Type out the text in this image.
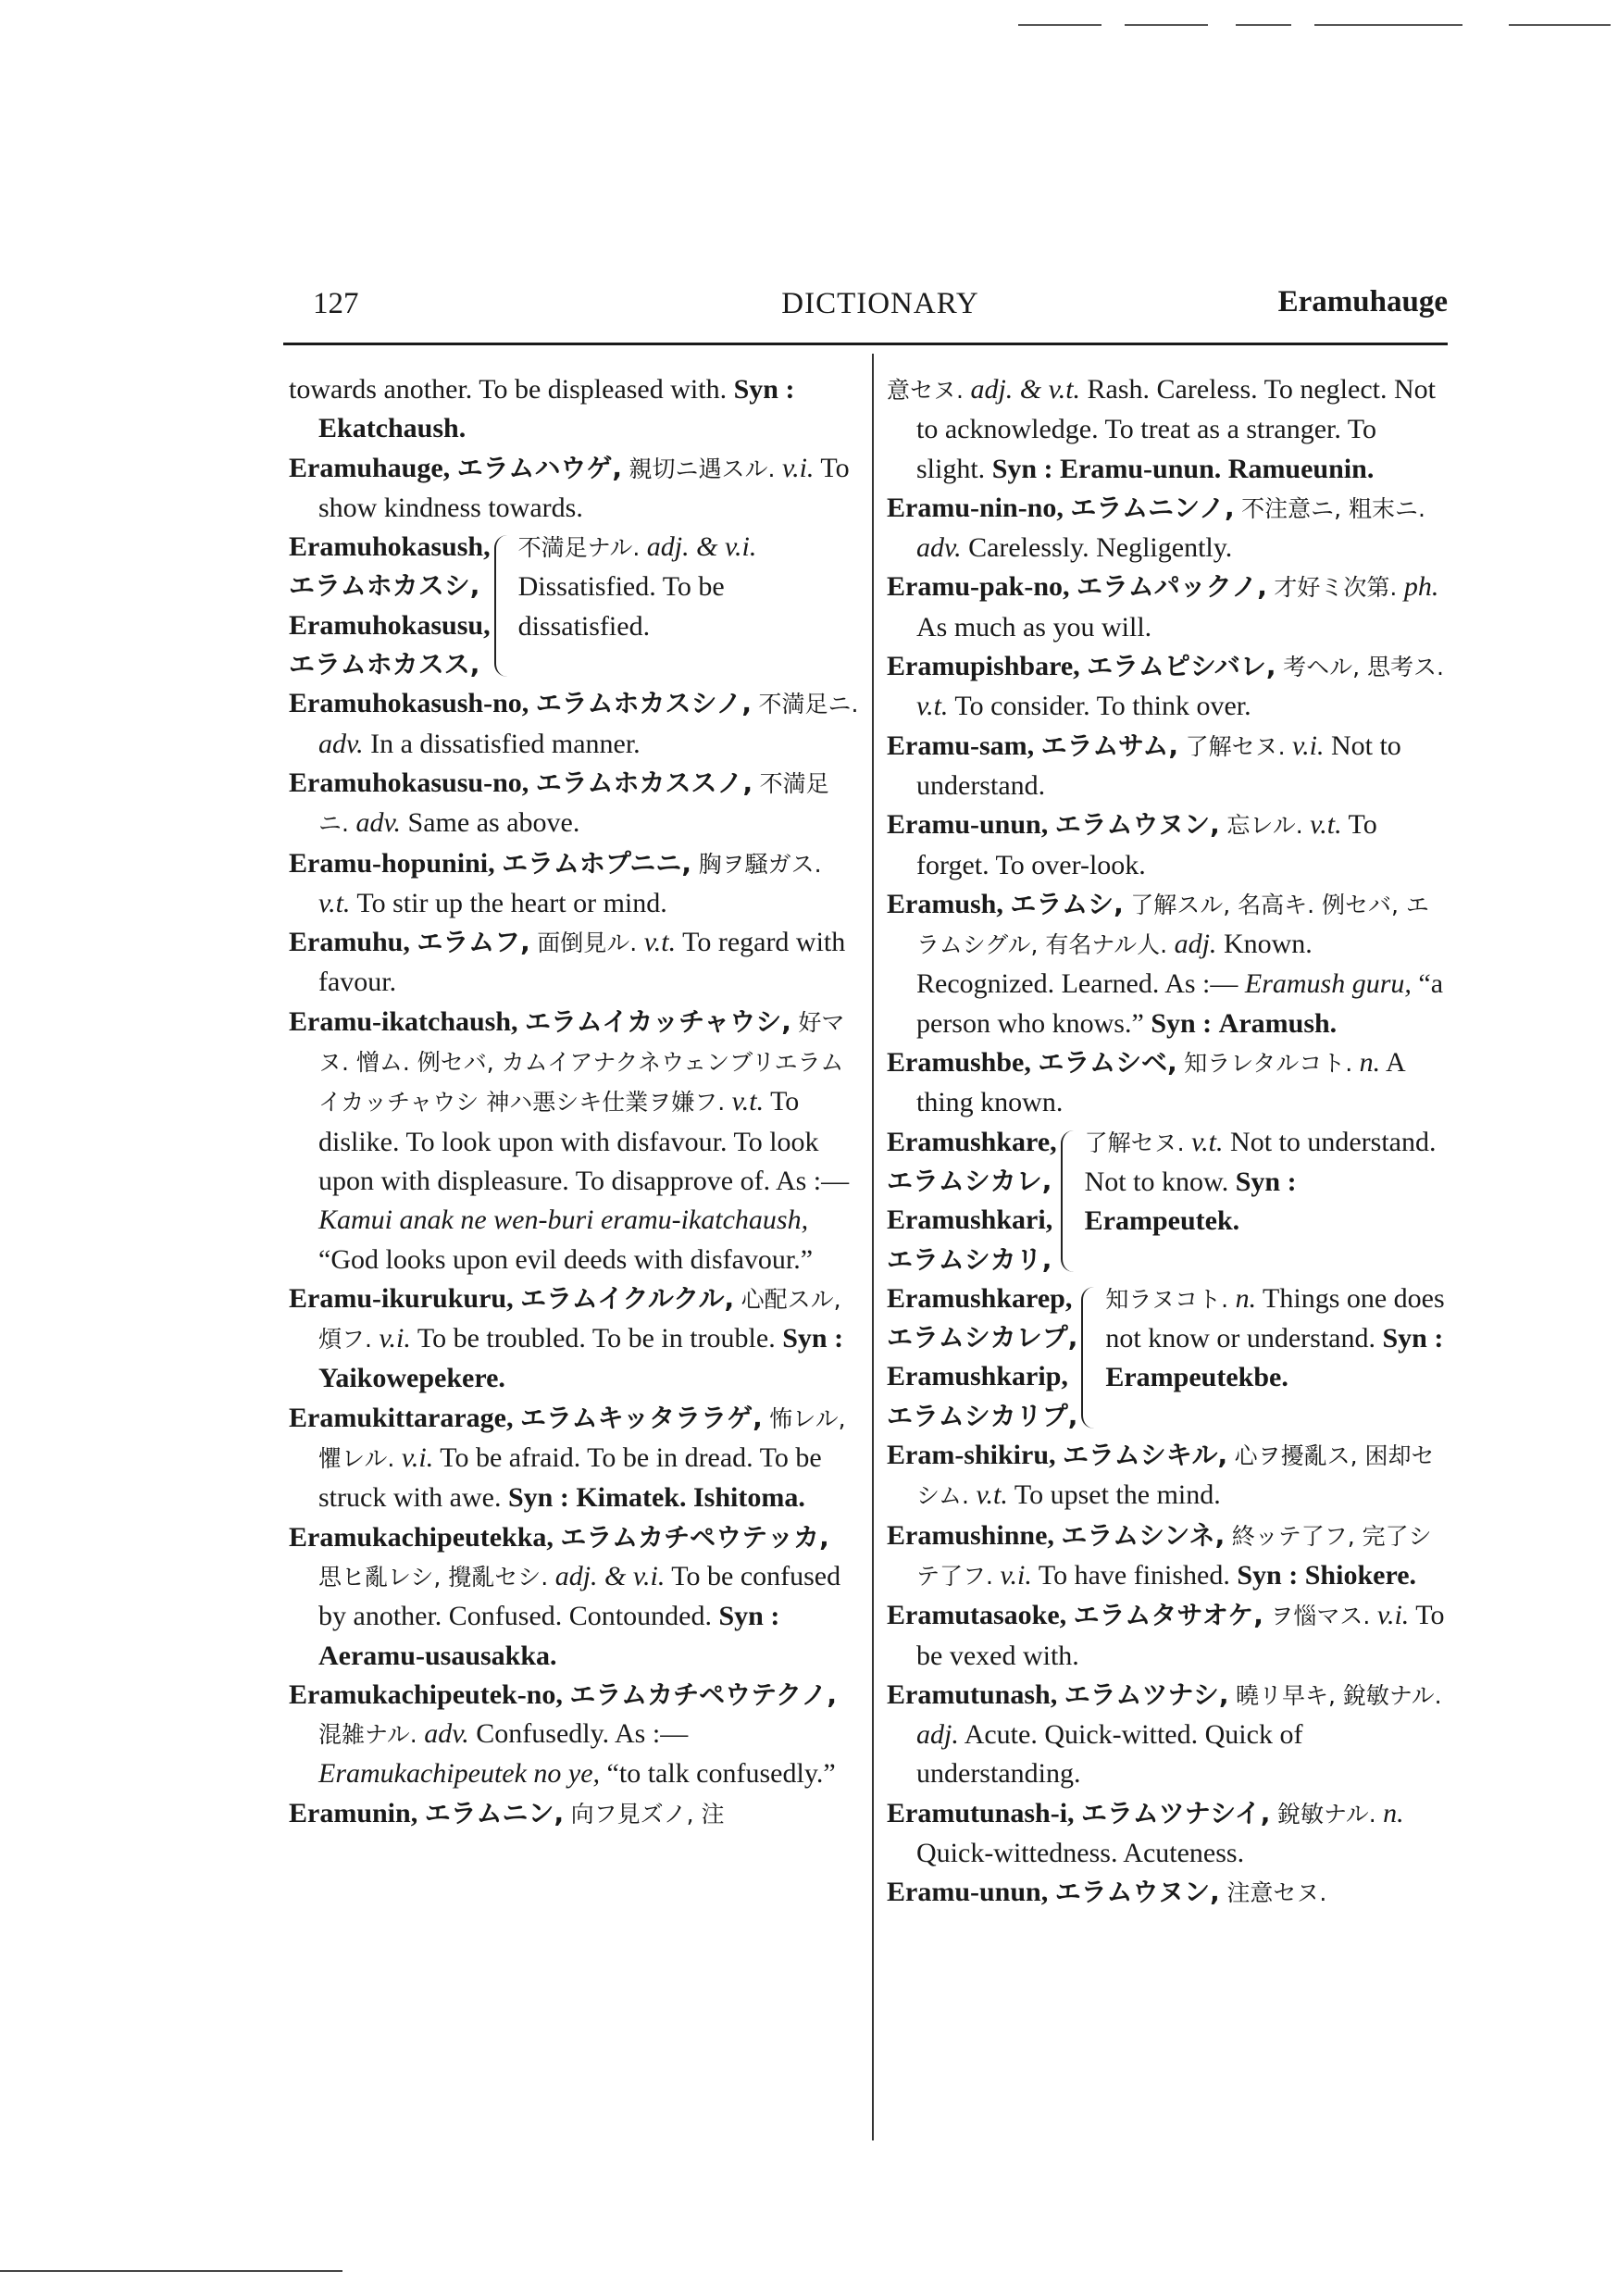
127	DICTIONARY	Eramuhauge

towards another. To be displeased with. Syn : Ekatchaush.

Eramuhauge, エラムハウゲ, 親切ニ遇スル. v.i. To show kindness towards.

Eramuhokasush,
エラムホカスシ,
Eramuhokasusu,
エラムホカスス,
不満足ナル. adj. & v.i. Dissatisfied. To be dissatisfied.

Eramuhokasush-no, エラムホカスシノ, 不満足ニ. adv. In a dissatisfied manner.

Eramuhokasusu-no, エラムホカススノ, 不満足ニ. adv. Same as above.

Eramu-hopunini, エラムホプニニ, 胸ヲ騒ガス. v.t. To stir up the heart or mind.

Eramuhu, エラムフ, 面倒見ル. v.t. To regard with favour.

Eramu-ikatchaush, エラムイカッチャウシ, 好マヌ. 憎ム. 例セバ, カムイアナクネウェンブリエラムイカッチャウシ 神ハ悪シキ仕業ヲ嫌フ. v.t. To dislike. To look upon with disfavour. To look upon with displeasure. To disapprove of. As :— Kamui anak ne wen-buri eramu-ikatchaush, “God looks upon evil deeds with disfavour.”

Eramu-ikurukuru, エラムイクルクル, 心配スル, 煩フ. v.i. To be troubled. To be in trouble. Syn : Yaikowepekere.

Eramukittararage, エラムキッタララゲ, 怖レル, 懼レル. v.i. To be afraid. To be in dread. To be struck with awe. Syn : Kimatek. Ishitoma.

Eramukachipeutekka, エラムカチペウテッカ, 思ヒ亂レシ, 攪亂セシ. adj. & v.i. To be confused by another. Confused. Contounded. Syn : Aeramu-usausakka.

Eramukachipeutek-no, エラムカチペウテクノ, 混雑ナル. adv. Confusedly. As :— Eramukachipeutek no ye, “to talk confusedly.”

Eramunin, エラムニン, 向フ見ズノ, 注

意セヌ. adj. & v.t. Rash. Careless. To neglect. Not to acknowledge. To treat as a stranger. To slight. Syn : Eramu-unun. Ramueunin.

Eramu-nin-no, エラムニンノ, 不注意ニ, 粗末ニ. adv. Carelessly. Negligently.

Eramu-pak-no, エラムパックノ, 才好ミ次第. ph. As much as you will.

Eramupishbare, エラムピシバレ, 考ヘル, 思考ス. v.t. To consider. To think over.

Eramu-sam, エラムサム, 了解セヌ. v.i. Not to understand.

Eramu-unun, エラムウヌン, 忘レル. v.t. To forget. To over-look.

Eramush, エラムシ, 了解スル, 名高キ. 例セバ, エラムシグル, 有名ナル人. adj. Known. Recognized. Learned. As :— Eramush guru, “a person who knows.” Syn : Aramush.

Eramushbe, エラムシベ, 知ラレタルコト. n. A thing known.

Eramushkare,
エラムシカレ,
Eramushkari,
エラムシカリ,
了解セヌ. v.t. Not to understand. Not to know. Syn : Erampeutek.
Eramushkarep,
エラムシカレプ,
Eramushkarip,
エラムシカリプ,
知ラヌコト. n. Things one does not know or understand. Syn : Erampeutekbe.

Eram-shikiru, エラムシキル, 心ヲ擾亂ス, 困却セシム. v.t. To upset the mind.

Eramushinne, エラムシンネ, 終ッテ了フ, 完了シテ了フ. v.i. To have finished. Syn : Shiokere.

Eramutasaoke, エラムタサオケ, ヲ惱マス. v.i. To be vexed with.

Eramutunash, エラムツナシ, 曉リ早キ, 銳敏ナル. adj. Acute. Quick-witted. Quick of understanding.

Eramutunash-i, エラムツナシイ, 銳敏ナル. n. Quick-wittedness. Acuteness.

Eramu-unun, エラムウヌン, 注意セヌ.
